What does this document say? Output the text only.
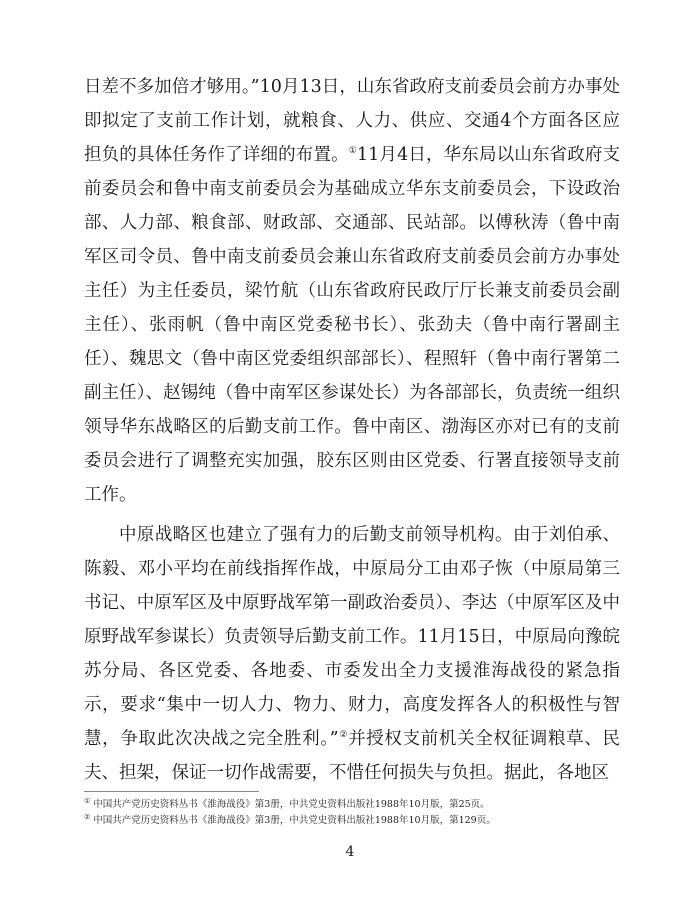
日差不多加倍才够用。”10月13日，山东省政府支前委员会前方办事处即拟定了支前工作计划，就粮食、人力、供应、交通4个方面各区应担负的具体任务作了详细的布置。①11月4日，华东局以山东省政府支前委员会和鲁中南支前委员会为基础成立华东支前委员会，下设政治部、人力部、粮食部、财政部、交通部、民站部。以傅秋涛（鲁中南军区司令员、鲁中南支前委员会兼山东省政府支前委员会前方办事处主任）为主任委员，梁竹航（山东省政府民政厅厅长兼支前委员会副主任）、张雨帆（鲁中南区党委秘书长）、张劲夫（鲁中南行署副主任）、魏思文（鲁中南区党委组织部部长）、程照轩（鲁中南行署第二副主任）、赵锡纯（鲁中南军区参谋处长）为各部部长，负责统一组织领导华东战略区的后勤支前工作。鲁中南区、渤海区亦对已有的支前委员会进行了调整充实加强，胶东区则由区党委、行署直接领导支前工作。

中原战略区也建立了强有力的后勤支前领导机构。由于刘伯承、陈毅、邓小平均在前线指挥作战，中原局分工由邓子恢（中原局第三书记、中原军区及中原野战军第一副政治委员）、李达（中原军区及中原野战军参谋长）负责领导后勤支前工作。11月15日，中原局向豫皖苏分局、各区党委、各地委、市委发出全力支援淮海战役的紧急指示，要求“集中一切人力、物力、财力，高度发挥各人的积极性与智慧，争取此次决战之完全胜利。”②并授权支前机关全权征调粮草、民夫、担架，保证一切作战需要，不惜任何损失与负担。据此，各地区

① 中国共产党历史资料丛书《淮海战役》第3册，中共党史资料出版社1988年10月版，第25页。
② 中国共产党历史资料丛书《淮海战役》第3册，中共党史资料出版社1988年10月版，第129页。
4
